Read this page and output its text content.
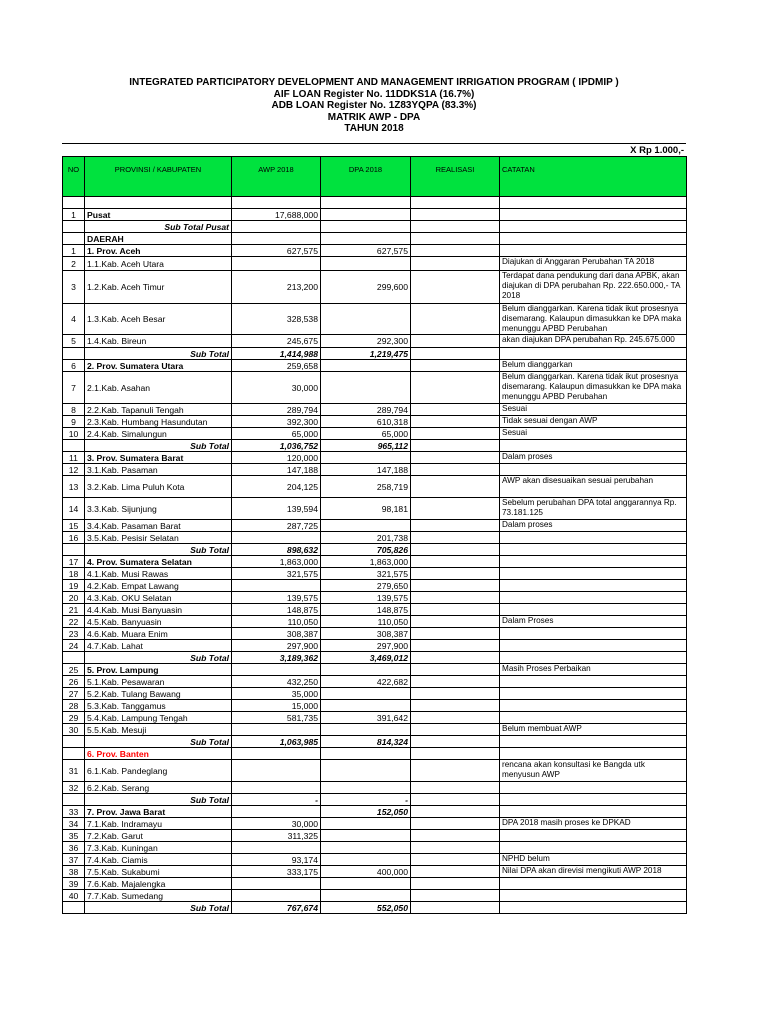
INTEGRATED PARTICIPATORY DEVELOPMENT AND MANAGEMENT IRRIGATION PROGRAM ( IPDMIP )
AIF LOAN Register No. 11DDKS1A (16.7%)
ADB LOAN Register No. 1Z83YQPA (83.3%)
MATRIK AWP - DPA
TAHUN 2018
X Rp 1.000,-
NO	PROVINSI / KABUPATEN	AWP 2018	DPA 2018	REALISASI	CATATAN

1	Pusat	17,688,000			
	Sub Total Pusat				
	DAERAH				
1	1. Prov. Aceh	627,575	627,575		
2	1.1.Kab. Aceh Utara				Diajukan di Anggaran Perubahan TA 2018
3	1.2.Kab. Aceh Timur	213,200	299,600		Terdapat dana pendukung dari dana APBK, akan diajukan di DPA perubahan Rp. 222.650.000,- TA 2018
4	1.3.Kab. Aceh Besar	328,538			Belum dianggarkan. Karena tidak ikut prosesnya disemarang. Kalaupun dimasukkan ke DPA maka menunggu APBD Perubahan
5	1.4.Kab. Bireun	245,675	292,300		akan diajukan DPA perubahan Rp. 245.675.000
	Sub Total	1,414,988	1,219,475		
6	2. Prov. Sumatera Utara	259,658			Belum dianggarkan
7	2.1.Kab. Asahan	30,000			Belum dianggarkan. Karena tidak ikut prosesnya disemarang. Kalaupun dimasukkan ke DPA maka menunggu APBD Perubahan
8	2.2.Kab. Tapanuli Tengah	289,794	289,794		Sesuai
9	2.3.Kab. Humbang Hasundutan	392,300	610,318		Tidak sesuai dengan AWP
10	2.4.Kab. Simalungun	65,000	65,000		Sesuai
	Sub Total	1,036,752	965,112		
11	3. Prov. Sumatera Barat	120,000			Dalam proses
12	3.1.Kab. Pasaman	147,188	147,188		
13	3.2.Kab. Lima Puluh Kota	204,125	258,719		AWP akan disesuaikan sesuai perubahan
14	3.3.Kab. Sijunjung	139,594	98,181		Sebelum perubahan DPA total anggarannya Rp. 73.181.125
15	3.4.Kab. Pasaman Barat	287,725			Dalam proses
16	3.5.Kab. Pesisir Selatan		201,738		
	Sub Total	898,632	705,826		
17	4. Prov. Sumatera Selatan	1,863,000	1,863,000		
18	4.1.Kab. Musi Rawas	321,575	321,575		
19	4.2.Kab. Empat Lawang		279,650		
20	4.3.Kab. OKU Selatan	139,575	139,575		
21	4.4.Kab. Musi Banyuasin	148,875	148,875		
22	4.5.Kab. Banyuasin	110,050	110,050		Dalam Proses
23	4.6.Kab. Muara Enim	308,387	308,387		
24	4.7.Kab. Lahat	297,900	297,900		
	Sub Total	3,189,362	3,469,012		
25	5. Prov. Lampung				Masih Proses Perbaikan
26	5.1.Kab. Pesawaran	432,250	422,682		
27	5.2.Kab. Tulang Bawang	35,000			
28	5.3.Kab. Tanggamus	15,000			
29	5.4.Kab. Lampung Tengah	581,735	391,642		
30	5.5.Kab. Mesuji				Belum membuat AWP
	Sub Total	1,063,985	814,324		
	6. Prov. Banten				
31	6.1.Kab. Pandeglang				rencana akan konsultasi ke Bangda utk menyusun AWP
32	6.2.Kab. Serang				
	Sub Total	-	-		
33	7. Prov. Jawa Barat		152,050		
34	7.1.Kab. Indramayu	30,000			DPA 2018 masih proses ke DPKAD
35	7.2.Kab. Garut	311,325			
36	7.3.Kab. Kuningan				
37	7.4.Kab. Ciamis	93,174			NPHD belum
38	7.5.Kab. Sukabumi	333,175	400,000		Nilai DPA akan direvisi mengikuti AWP 2018
39	7.6.Kab. Majalengka				
40	7.7.Kab. Sumedang				
	Sub Total	767,674	552,050		
